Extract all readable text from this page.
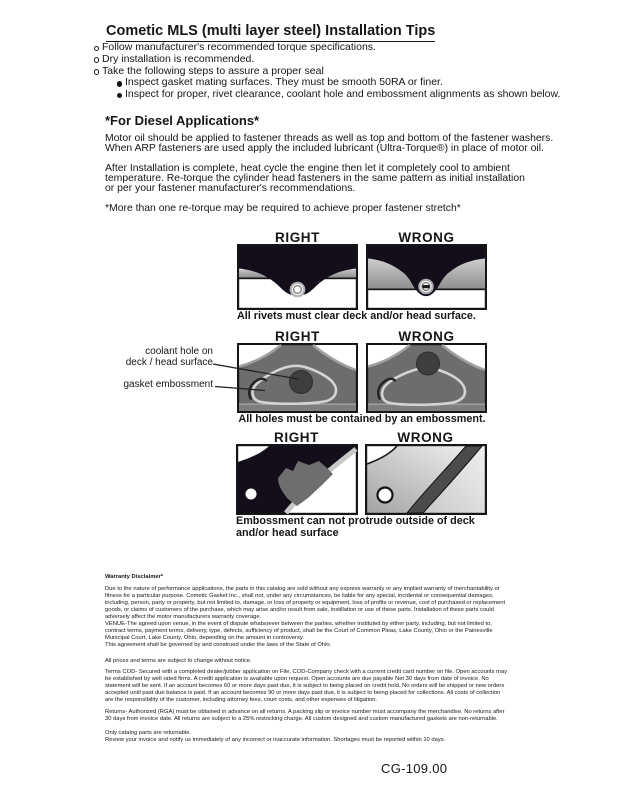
Cometic MLS (multi layer steel) Installation Tips
Follow manufacturer's recommended torque specifications.
Dry installation is recommended.
Take the following steps to assure a proper seal
Inspect gasket mating surfaces. They must be smooth 50RA or finer.
Inspect for proper, rivet clearance, coolant hole and embossment alignments as shown below.
*For Diesel Applications*
Motor oil should be applied to fastener threads as well as top and bottom of the fastener washers.
When ARP fasteners are used apply the included lubricant (Ultra-Torque®) in place of motor oil.
After Installation is complete, heat cycle the engine then let it completely cool to ambient
temperature. Re-torque the cylinder head fasteners in the same pattern as initial installation
or per your fastener manufacturer's recommendations.
*More than one re-torque may be required to achieve proper fastener stretch*
RIGHT	WRONG
All rivets must clear deck and/or head surface.
RIGHT	WRONG
coolant hole on
deck / head surface
gasket embossment
All holes must be contained by an embossment.
RIGHT	WRONG
Embossment can not protrude outside of deck
and/or head surface
Warranty Disclaimer*
Due to the nature of performance applications, the parts in this catalog are sold without any express warranty or any implied warranty of merchantability or
fitness for a particular purpose. Cometic Gasket Inc., shall not, under any circumstances, be liable for any special, incidental or consequential damages,
including, person, party or property, but not limited to, damage, or loss of property or equipment, loss of profits or revenue, cost of purchased or replacement
goods, or claims of customers of the purchase, which may arise and/or result from sale, instillation or use of these parts. Installation of these parts could
adversely affect the motor manufacturers warranty coverage.
VENUE-The agreed upon venue, in the event of dispute whatsoever between the parties, whether instituted by either party, including, but not limited to,
contract terms, payment terms, delivery, type, defects, sufficiency of product, shall be the Court of Common Pleas, Lake County, Ohio or the Painesville
Municipal Court, Lake County, Ohio, depending on the amount in controversy.
This agreement shall be governed by and construed under the laws of the State of Ohio.
All prices and terms are subject to change without notice.
Terms COD- Secured with a completed dealer/jobber application on File, COD-Company check with a current credit card number on file. Open accounts may
be established by well rated firms. A credit application is available upon request. Open accounts are due payable Net 30 days from date of invoice. No
statement will be sent. If an account becomes 60 or more days past due, it is subject to being placed on credit hold. No orders will be shipped or new orders
accepted until past due balance is paid. If an account becomes 90 or more days past due, it is subject to being placed for collections. All costs of collection
are the responsibility of the customer, including attorney fees, court costs, and other expenses of litigation.
Returns- Authorized (RGA) must be obtained in advance on all returns. A packing slip or invoice number must accompany the merchandise. No returns after
30 days from invoice date. All returns are subject to a 25% restocking charge. All custom designed and custom manufactured gaskets are non-returnable.
Only catalog parts are returnable.
Review your invoice and notify us immediately of any incorrect or inaccurate information. Shortages must be reported within 10 days.
CG-109.00
